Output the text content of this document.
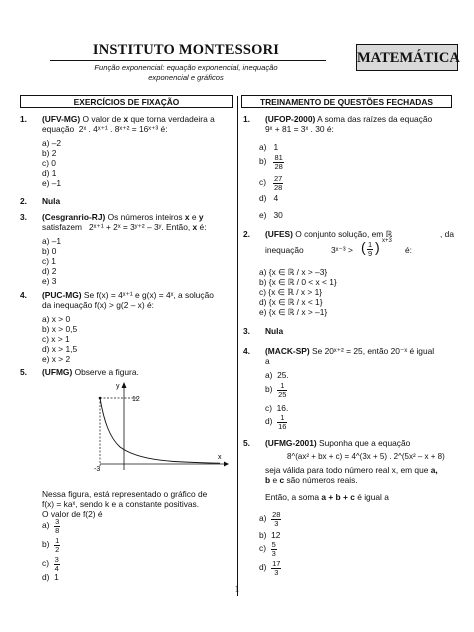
INSTITUTO MONTESSORI
Função exponencial: equação exponencial, inequação
exponencial e gráficos
MATEMÁTICA
EXERCÍCIOS DE FIXAÇÃO	TREINAMENTO DE QUESTÕES FECHADAS
1. (UFV-MG) O valor de x que torna verdadeira a
equação 2ˣ . 4ˣ⁺¹ . 8ˣ⁺² = 16ˣ⁺³ é:
a) –2
b) 2
c) 0
d) 1
e) –1
2. Nula
3. (Cesgranrio-RJ) Os números inteiros x e y
satisfazem 2ˣ⁺¹ + 2ˣ = 3ʸ⁺² – 3ʸ. Então, x é:
a) –1
b) 0
c) 1
d) 2
e) 3
4. (PUC-MG) Se f(x) = 4ˣ⁺¹ e g(x) = 4ˣ, a solução
da inequação f(x) > g(2 – x) é:
a) x > 0
b) x > 0,5
c) x > 1
d) x > 1,5
e) x > 2
5. (UFMG) Observe a figura.
y
12
-3
x
Nessa figura, está representado o gráfico de
f(x) = kaˣ, sendo k e a constante positivas.
O valor de f(2) é
$a) \frac{3}{8}$
$b) \frac{1}{2}$
$c) \frac{3}{4}$
d) 1
1. (UFOP-2000) A soma das raízes da equação
9ˣ + 81 = 3ˣ . 30 é:
a) 1
$b) \frac{81}{28}$
$c) \frac{27}{28}$
d) 4
e) 30
2. (UFES) O conjunto solução, em ℝ	, da
inequação	3ˣ⁻³ > ( $\frac{1}{9}$ ) x+3
é:
a) {x ∈ ℝ / x > –3}
b) {x ∈ ℝ / 0 < x < 1}
c) {x ∈ ℝ / x > 1}
d) {x ∈ ℝ / x < 1}
e) {x ∈ ℝ / x > –1}
3. Nula
4. (MACK-SP) Se 20ˣ⁺² = 25, então 20⁻ˣ é igual
a
a) 25.
$b) \frac{1}{25}$
c) 16.
$d) \frac{1}{16}$
5. (UFMG-2001) Suponha que a equação
8^(ax² + bx + c) = 4^(3x + 5) . 2^(5x² – x + 8)
seja válida para todo número real x, em que a,
b e c são números reais.
Então, a soma a + b + c é igual a
$a) \frac{28}{3}$
b) 12
$c) \frac{5}{3}$
$d) \frac{17}{3}$
1
